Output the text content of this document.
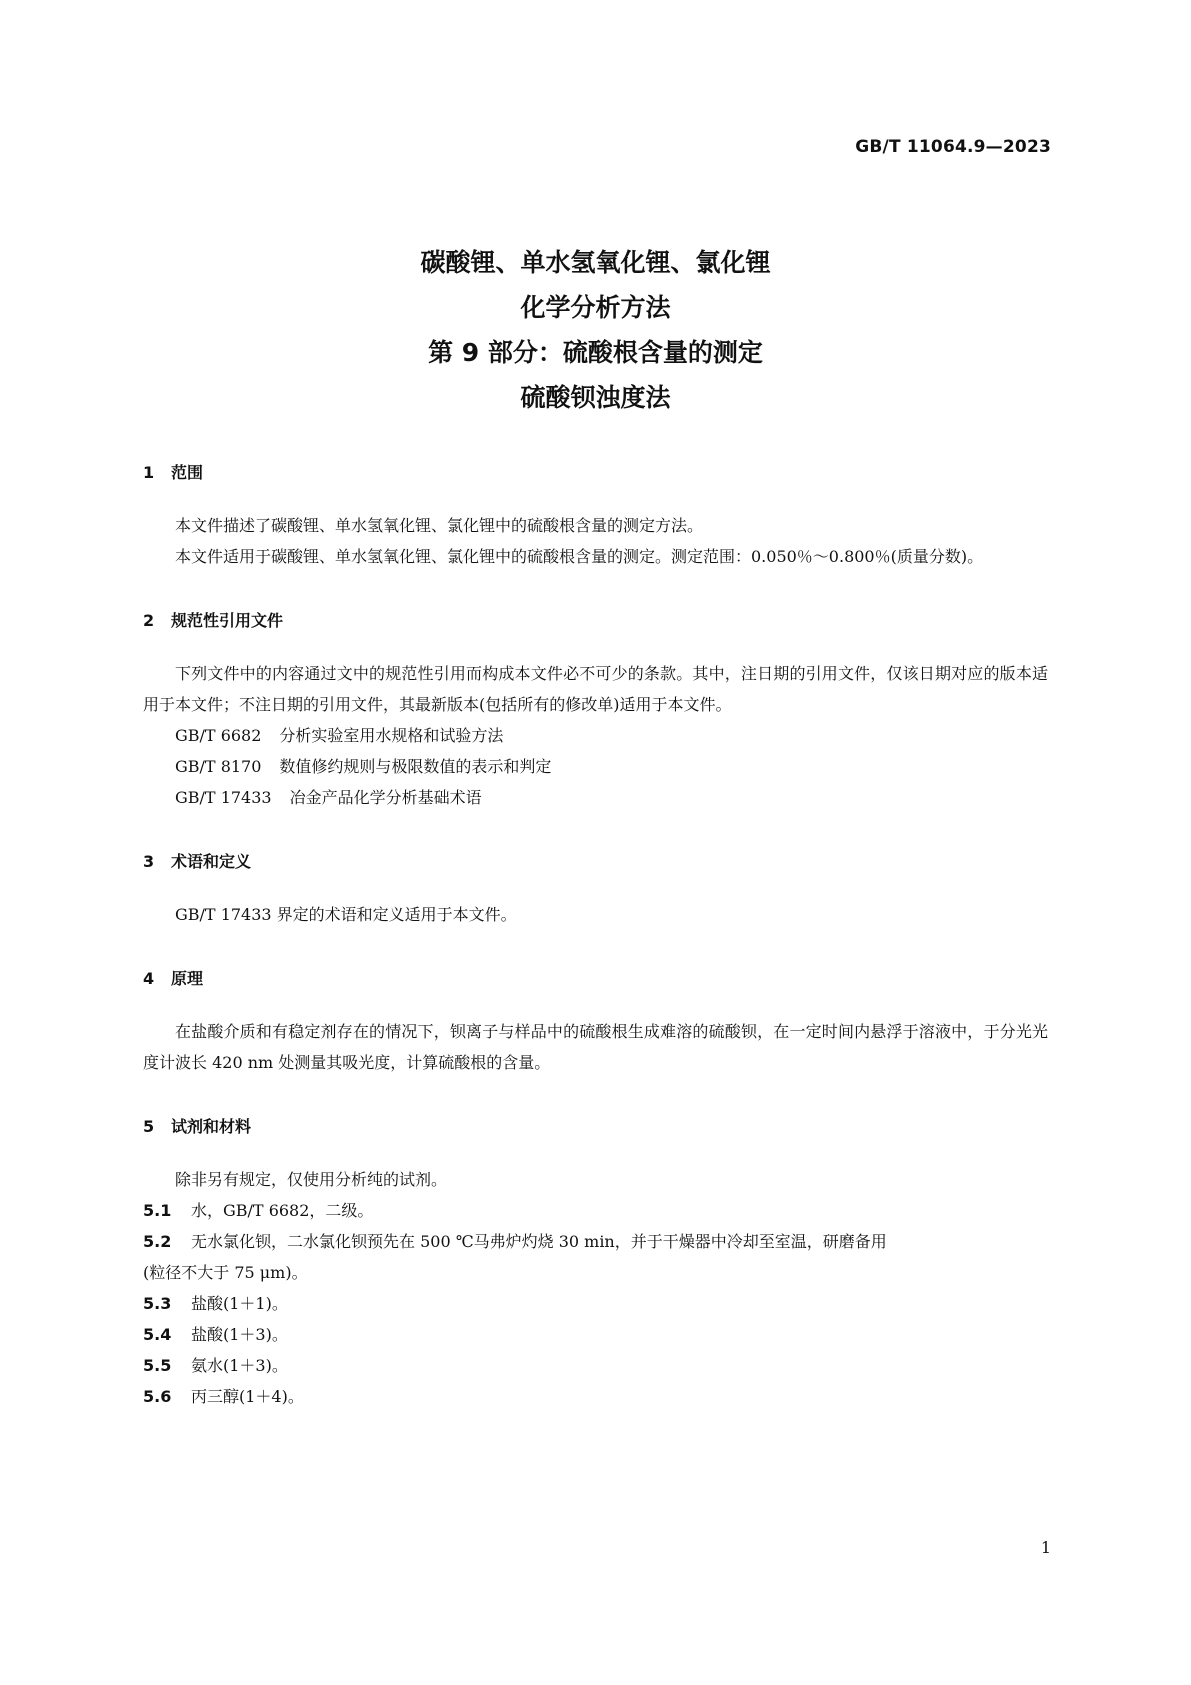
GB/T 11064.9—2023
碳酸锂、单水氢氧化锂、氯化锂
化学分析方法
第 9 部分：硫酸根含量的测定
硫酸钡浊度法
1 范围
本文件描述了碳酸锂、单水氢氧化锂、氯化锂中的硫酸根含量的测定方法。
本文件适用于碳酸锂、单水氢氧化锂、氯化锂中的硫酸根含量的测定。测定范围：0.050％～0.800％(质量分数)。
2 规范性引用文件
下列文件中的内容通过文中的规范性引用而构成本文件必不可少的条款。其中，注日期的引用文件，仅该日期对应的版本适用于本文件；不注日期的引用文件，其最新版本(包括所有的修改单)适用于本文件。
GB/T 6682 分析实验室用水规格和试验方法
GB/T 8170 数值修约规则与极限数值的表示和判定
GB/T 17433 冶金产品化学分析基础术语
3 术语和定义
GB/T 17433 界定的术语和定义适用于本文件。
4 原理
在盐酸介质和有稳定剂存在的情况下，钡离子与样品中的硫酸根生成难溶的硫酸钡，在一定时间内悬浮于溶液中，于分光光度计波长 420 nm 处测量其吸光度，计算硫酸根的含量。
5 试剂和材料
除非另有规定，仅使用分析纯的试剂。
5.1 水，GB/T 6682，二级。
5.2 无水氯化钡，二水氯化钡预先在 500 ℃马弗炉灼烧 30 min，并于干燥器中冷却至室温，研磨备用
(粒径不大于 75 μm)。
5.3 盐酸(1＋1)。
5.4 盐酸(1＋3)。
5.5 氨水(1＋3)。
5.6 丙三醇(1＋4)。
1
